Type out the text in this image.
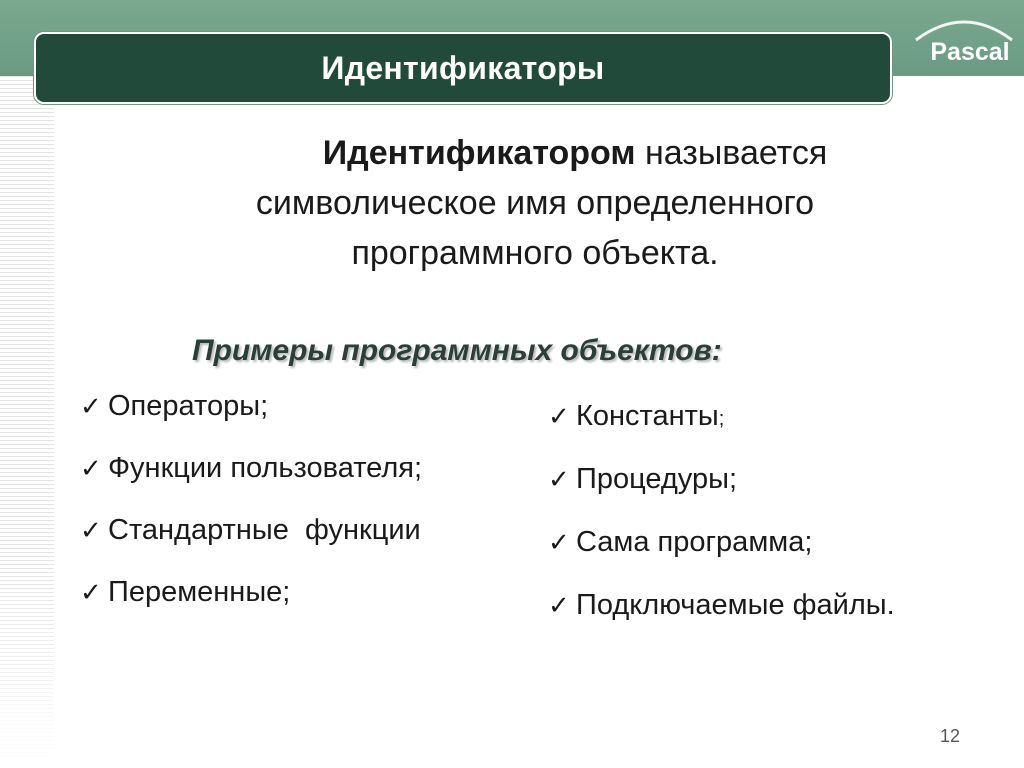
Pascal
Идентификаторы
Идентификатором называется
символическое имя определенного
программного объекта.
Примеры программных объектов:
✓ Операторы;
✓ Функции пользователя;
✓ Стандартные  функции
✓ Переменные;
✓ Константы ;
✓ Процедуры;
✓ Сама программа;
✓ Подключаемые файлы.
12
